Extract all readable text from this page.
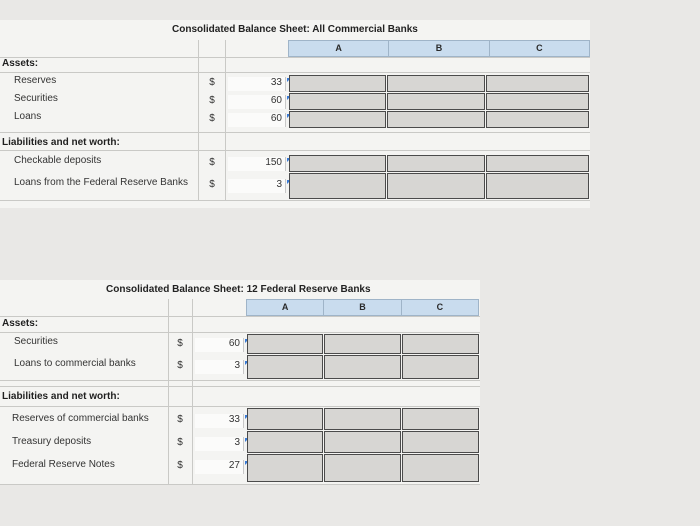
Consolidated Balance Sheet: All Commercial Banks
A	B	C
Assets:
Reserves	$	33
Securities	$	60
Loans	$	60
Liabilities and net worth:
Checkable deposits	$	150
Loans from the Federal Reserve Banks	$	3
Consolidated Balance Sheet: 12 Federal Reserve Banks
A	B	C
Assets:
Securities	$	60
Loans to commercial banks	$	3
Liabilities and net worth:
Reserves of commercial banks	$	33
Treasury deposits	$	3
Federal Reserve Notes	$	27
